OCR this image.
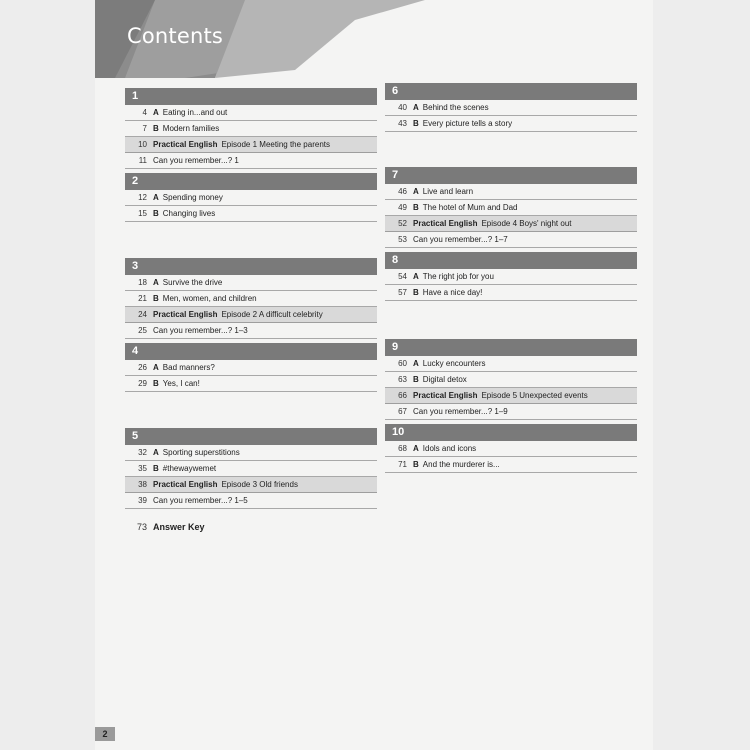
Contents
1
4 A Eating in...and out
7 B Modern families
10 Practical English Episode 1 Meeting the parents
11 Can you remember...? 1
2
12 A Spending money
15 B Changing lives
3
18 A Survive the drive
21 B Men, women, and children
24 Practical English Episode 2 A difficult celebrity
25 Can you remember...? 1–3
4
26 A Bad manners?
29 B Yes, I can!
5
32 A Sporting superstitions
35 B #thewaywemet
38 Practical English Episode 3 Old friends
39 Can you remember...? 1–5
6
40 A Behind the scenes
43 B Every picture tells a story
7
46 A Live and learn
49 B The hotel of Mum and Dad
52 Practical English Episode 4 Boys' night out
53 Can you remember...? 1–7
8
54 A The right job for you
57 B Have a nice day!
9
60 A Lucky encounters
63 B Digital detox
66 Practical English Episode 5 Unexpected events
67 Can you remember...? 1–9
10
68 A Idols and icons
71 B And the murderer is...
73 Answer Key
2
